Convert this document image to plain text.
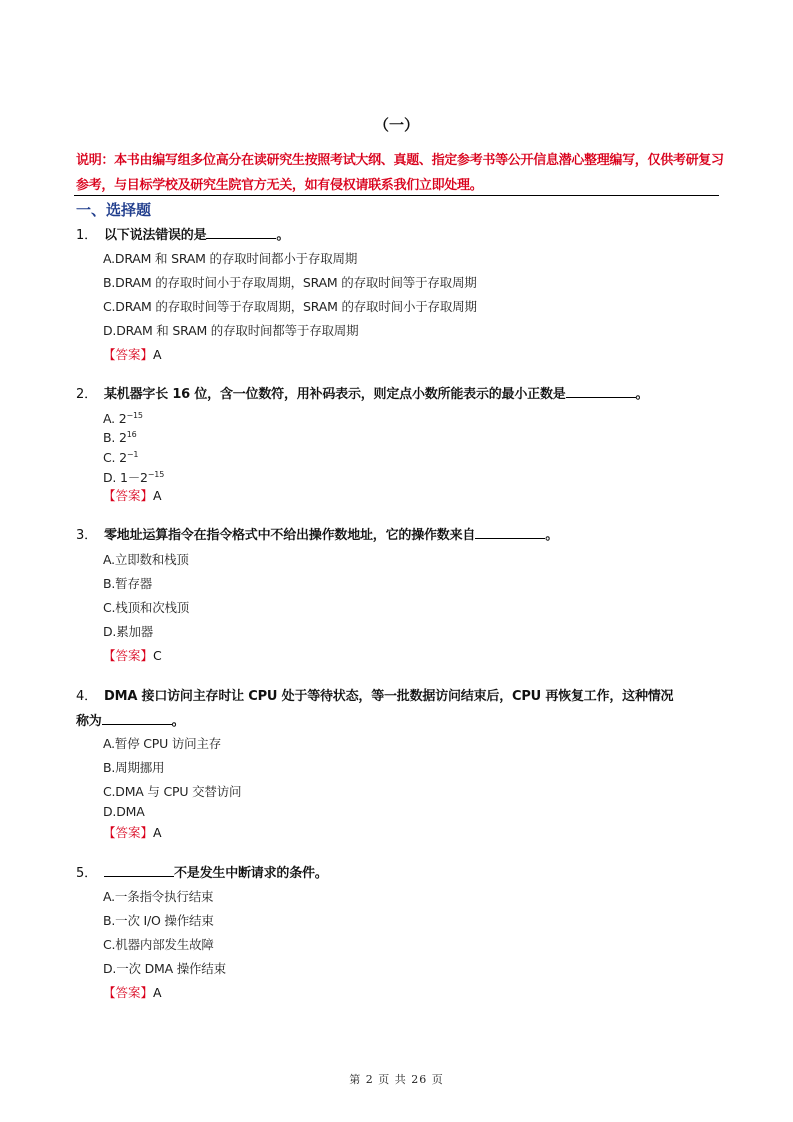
（一）
说明：本书由编写组多位高分在读研究生按照考试大纲、真题、指定参考书等公开信息潜心整理编写，仅供考研复习参考，与目标学校及研究生院官方无关，如有侵权请联系我们立即处理。
一、选择题
1． 以下说法错误的是	。
A.DRAM 和 SRAM 的存取时间都小于存取周期
B.DRAM 的存取时间小于存取周期，SRAM 的存取时间等于存取周期
C.DRAM 的存取时间等于存取周期，SRAM 的存取时间小于存取周期
D.DRAM 和 SRAM 的存取时间都等于存取周期
【答案】A
2． 某机器字长 16 位，含一位数符，用补码表示，则定点小数所能表示的最小正数是	。
A. $2^{-15}$
B. $2^{16}$
C. $2^{-1}$
D. $1-2^{-15}$
【答案】A
3． 零地址运算指令在指令格式中不给出操作数地址，它的操作数来自	。
A.立即数和栈顶
B.暂存器
C.栈顶和次栈顶
D.累加器
【答案】C
4． DMA 接口访问主存时让 CPU 处于等待状态，等一批数据访问结束后，CPU 再恢复工作，这种情况
称为	。
A.暂停 CPU 访问主存
B.周期挪用
C.DMA 与 CPU 交替访问
D.DMA
【答案】A
5．	不是发生中断请求的条件。
A.一条指令执行结束
B.一次 I/O 操作结束
C.机器内部发生故障
D.一次 DMA 操作结束
【答案】A
第 2 页 共 26 页
